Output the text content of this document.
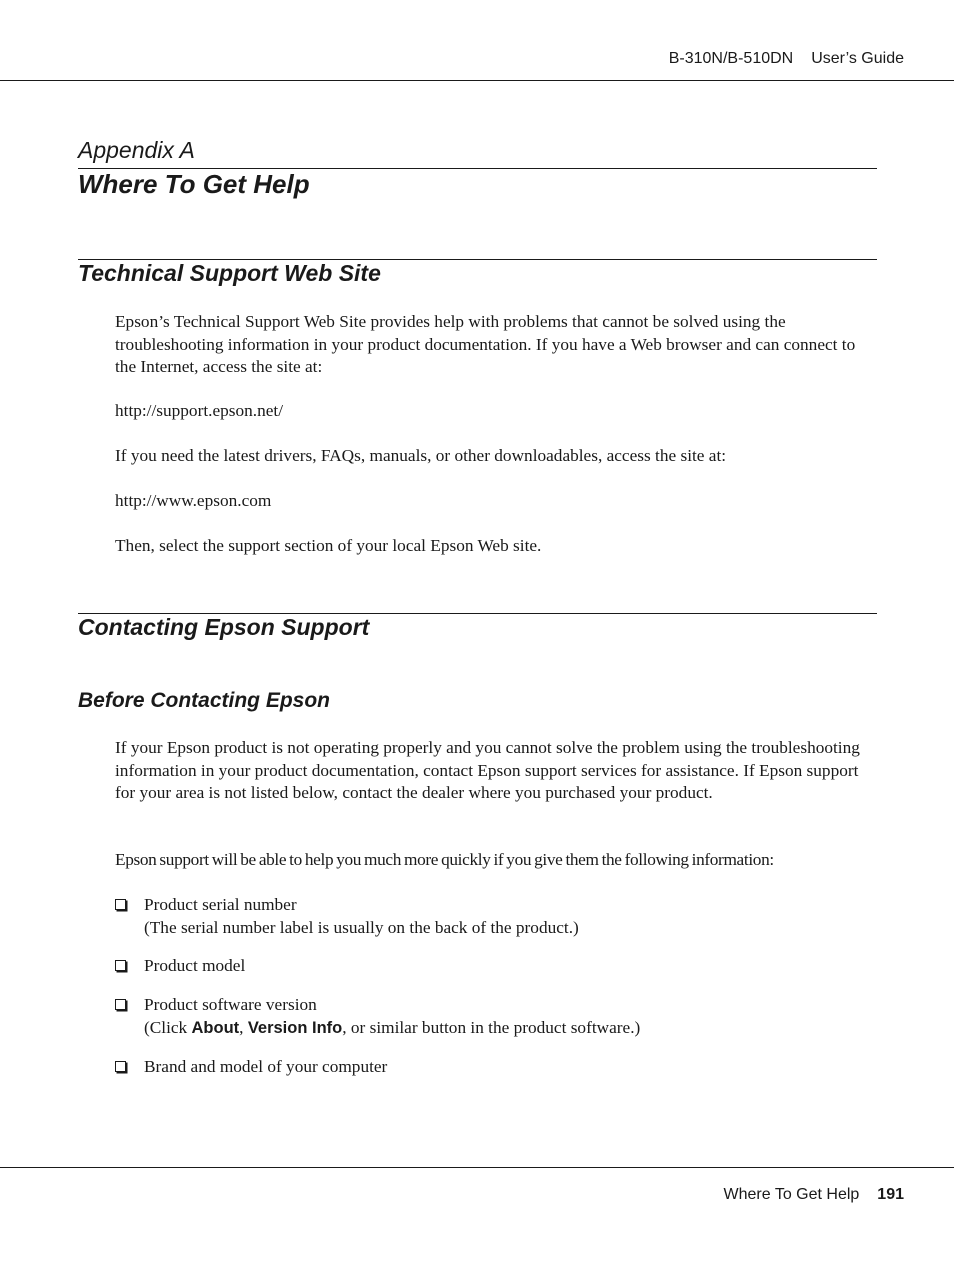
B-310N/B-510DN User’s Guide
Appendix A
Where To Get Help
Technical Support Web Site

Epson’s Technical Support Web Site provides help with problems that cannot be solved using the troubleshooting information in your product documentation. If you have a Web browser and can connect to the Internet, access the site at:

http://support.epson.net/

If you need the latest drivers, FAQs, manuals, or other downloadables, access the site at:

http://www.epson.com

Then, select the support section of your local Epson Web site.

Contacting Epson Support
Before Contacting Epson

If your Epson product is not operating properly and you cannot solve the problem using the troubleshooting information in your product documentation, contact Epson support services for assistance. If Epson support for your area is not listed below, contact the dealer where you purchased your product.

Epson support will be able to help you much more quickly if you give them the following information:

Product serial number
(The serial number label is usually on the back of the product.)
Product model
Product software version
(Click About, Version Info, or similar button in the product software.)
Brand and model of your computer
Where To Get Help 191
